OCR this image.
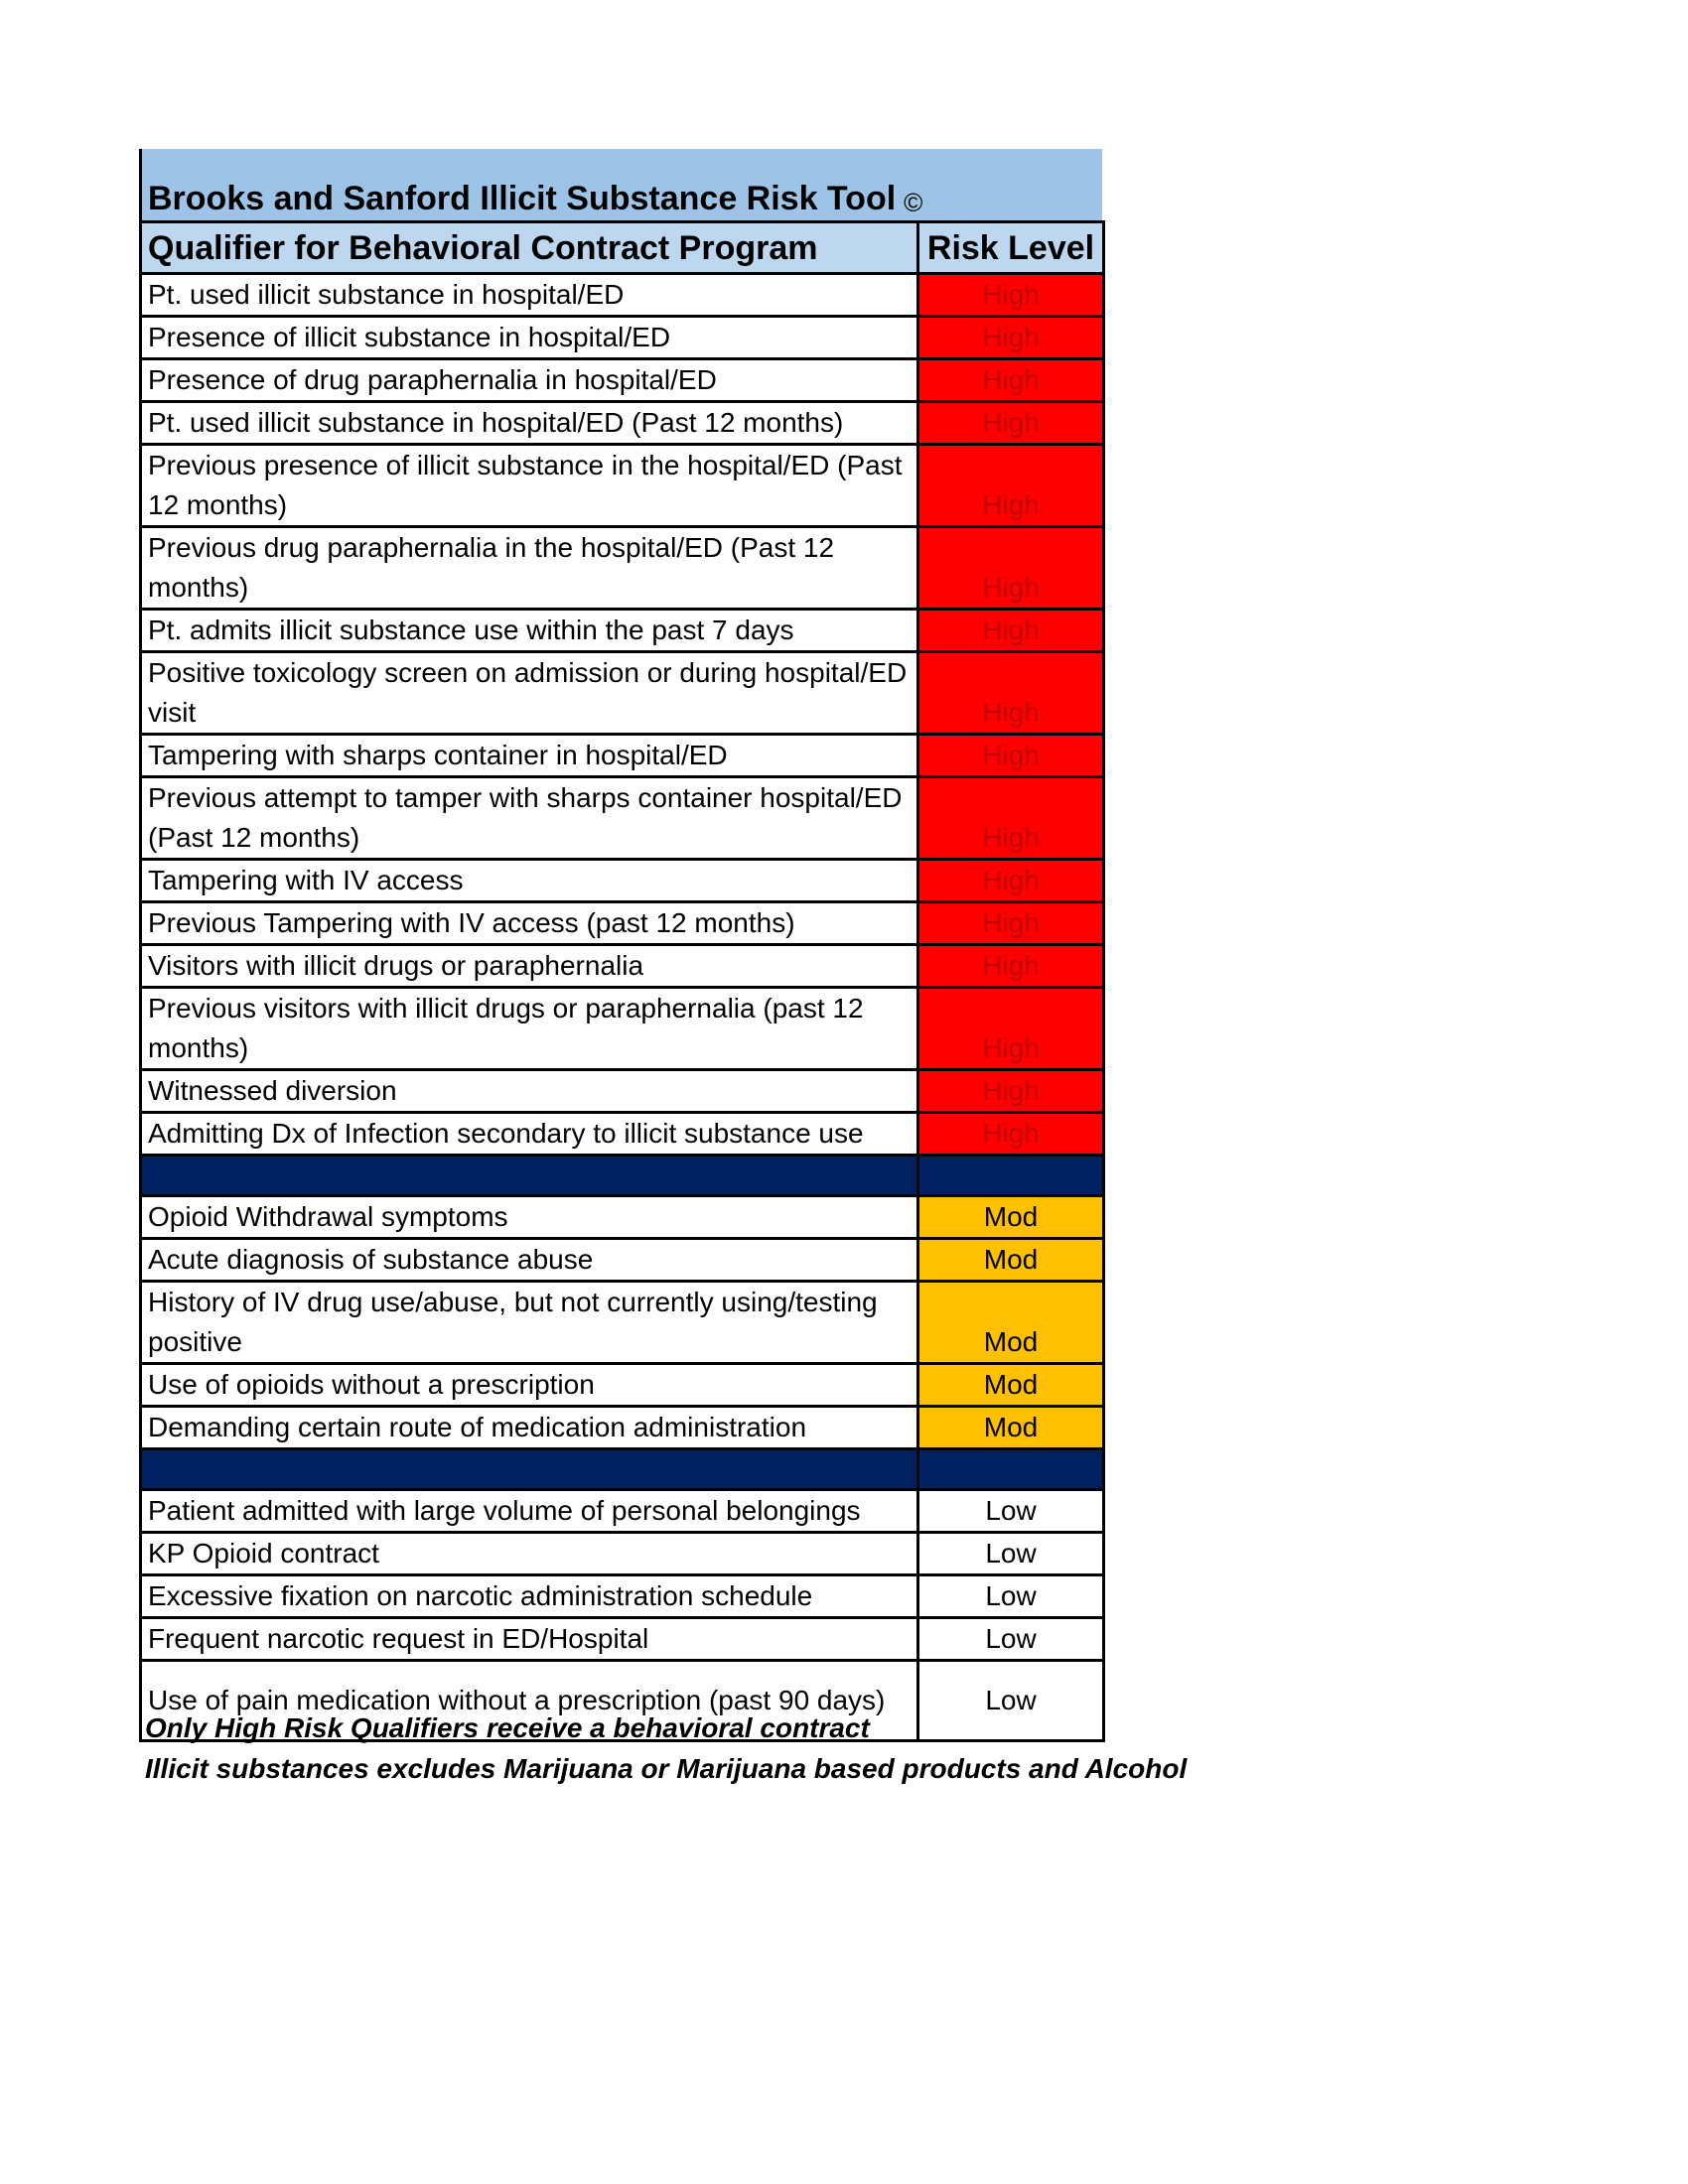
Brooks and Sanford Illicit Substance Risk Tool ©
Qualifier for Behavioral Contract Program	Risk Level
Pt. used illicit substance in hospital/ED	High
Presence of illicit substance in hospital/ED	High
Presence of drug paraphernalia in hospital/ED	High
Pt. used illicit substance in hospital/ED (Past 12 months)	High
Previous presence of illicit substance in the hospital/ED (Past 12 months)	High
Previous drug paraphernalia in the hospital/ED (Past 12 months)	High
Pt. admits illicit substance use within the past 7 days	High
Positive toxicology screen on admission or during hospital/ED visit	High
Tampering with sharps container in hospital/ED	High
Previous attempt to tamper with sharps container hospital/ED (Past 12 months)	High
Tampering with IV access	High
Previous Tampering with IV access (past 12 months)	High
Visitors with illicit drugs or paraphernalia	High
Previous visitors with illicit drugs or paraphernalia (past 12 months)	High
Witnessed diversion	High
Admitting Dx of Infection secondary to illicit substance use	High

Opioid Withdrawal symptoms	Mod
Acute diagnosis of substance abuse	Mod
History of IV drug use/abuse, but not currently using/testing positive	Mod
Use of opioids without a prescription	Mod
Demanding certain route of medication administration	Mod

Patient admitted with large volume of personal belongings	Low
KP Opioid contract	Low
Excessive fixation on narcotic administration schedule	Low
Frequent narcotic request in ED/Hospital	Low
Use of pain medication without a prescription (past 90 days)	Low
Only High Risk Qualifiers receive a behavioral contract
Illicit substances excludes Marijuana or Marijuana based products and Alcohol
